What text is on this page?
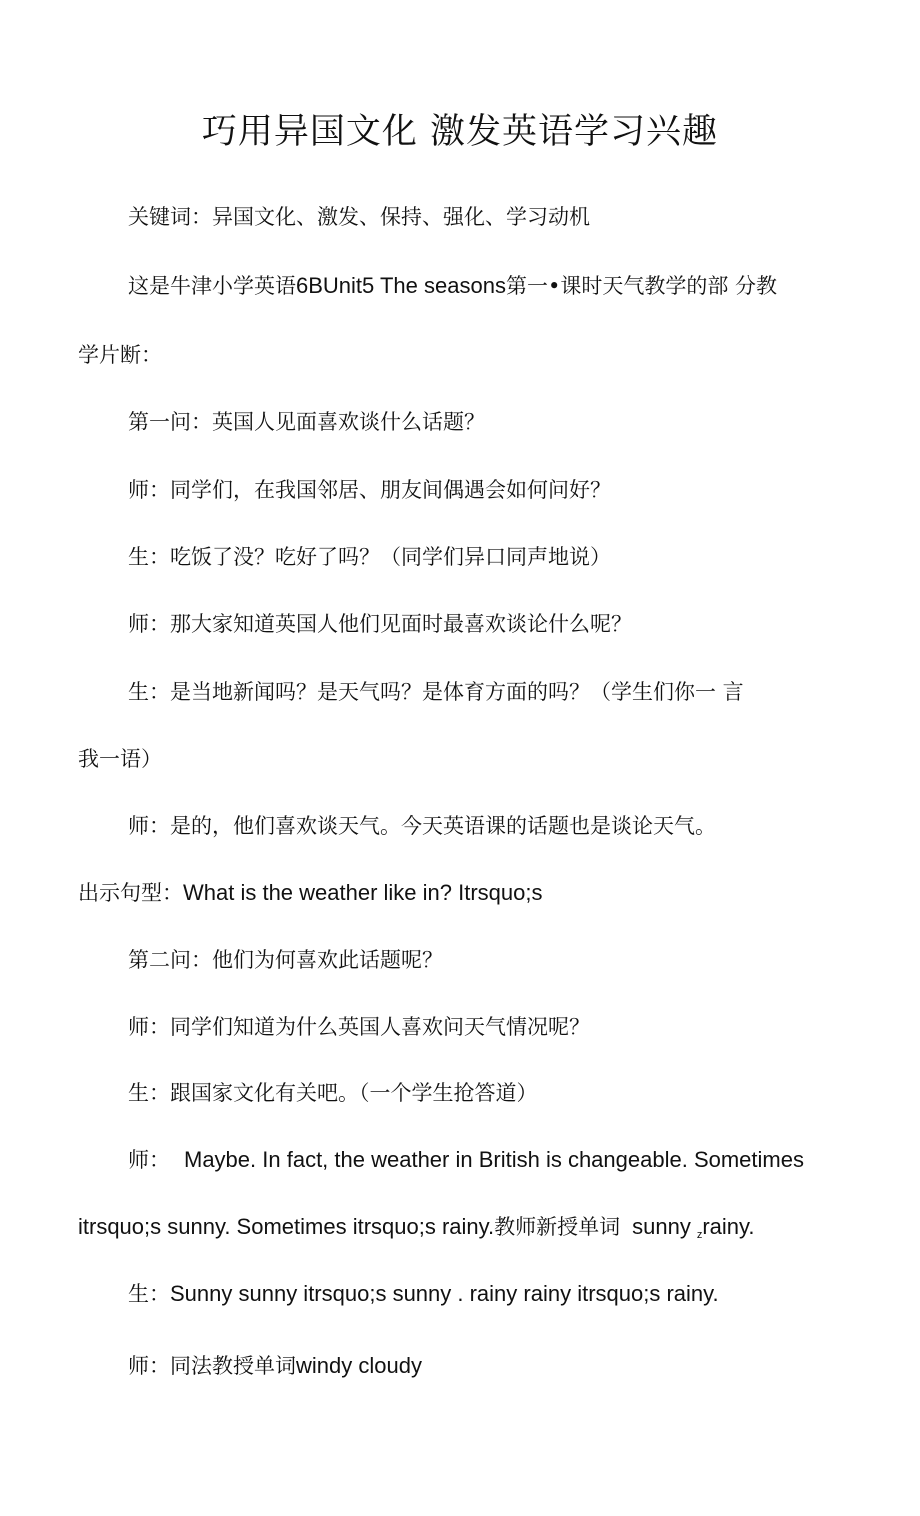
巧用异国文化 激发英语学习兴趣

关键词：异国文化、激发、保持、强化、学习动机

这是牛津小学英语6BUnit5 The seasons第一•课时天气教学的部 分教

学片断：

第一问：英国人见面喜欢谈什么话题？

师：同学们，在我国邻居、朋友间偶遇会如何问好？

生：吃饭了没？吃好了吗？（同学们异口同声地说）

师：那大家知道英国人他们见面时最喜欢谈论什么呢？

生：是当地新闻吗？是天气吗？是体育方面的吗？（学生们你一 言

我一语）

师：是的，他们喜欢谈天气。今天英语课的话题也是谈论天气。

出示句型：What is the weather like in? Itrsquo;s

第二问：他们为何喜欢此话题呢？

师：同学们知道为什么英国人喜欢问天气情况呢？

生：跟国家文化有关吧。（一个学生抢答道）

师： Maybe. In fact, the weather in British is changeable. Sometimes

itrsquo;s sunny. Sometimes itrsquo;s rainy.教师新授单词 sunny $_z$rainy.

生：Sunny sunny itrsquo;s sunny . rainy rainy itrsquo;s rainy.

师：同法教授单词windy cloudy
